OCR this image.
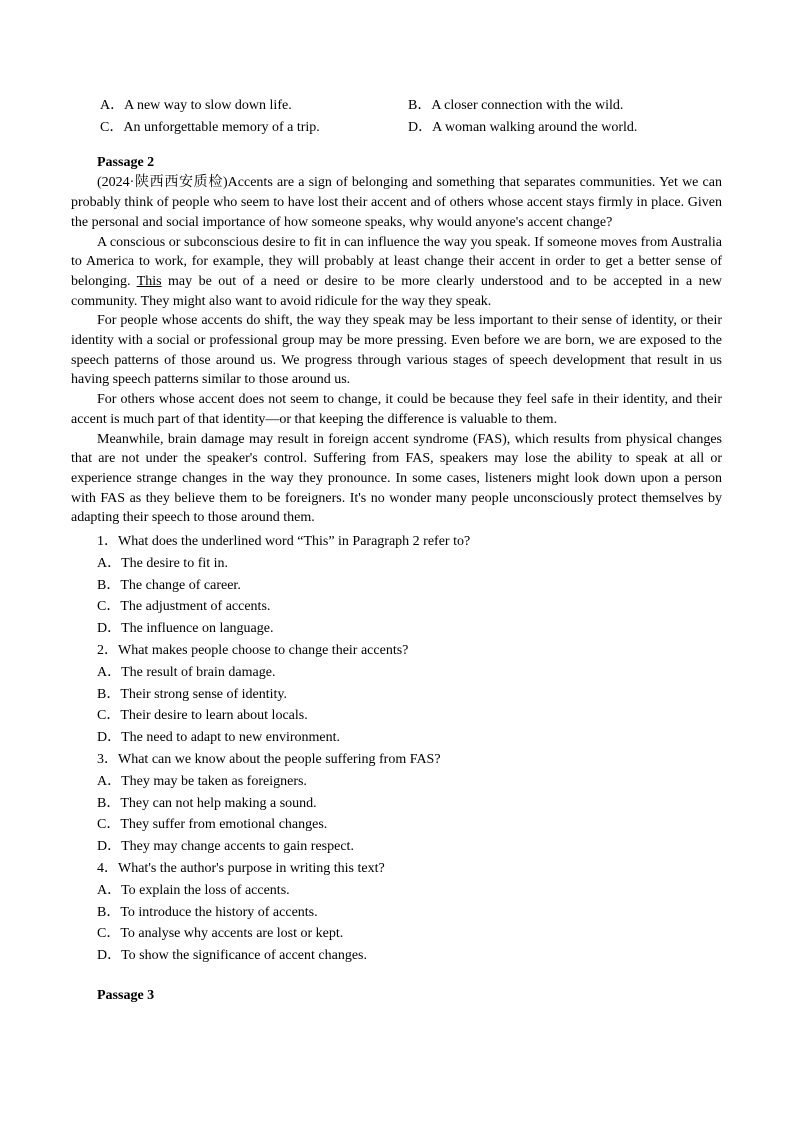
A．A new way to slow down life.	B．A closer connection with the wild.
C．An unforgettable memory of a trip.	D．A woman walking around the world.
Passage 2

(2024·陕西西安质检)Accents are a sign of belonging and something that separates communities. Yet we can probably think of people who seem to have lost their accent and of others whose accent stays firmly in place. Given the personal and social importance of how someone speaks, why would anyone's accent change?

A conscious or subconscious desire to fit in can influence the way you speak. If someone moves from Australia to America to work, for example, they will probably at least change their accent in order to get a better sense of belonging. This may be out of a need or desire to be more clearly understood and to be accepted in a new community. They might also want to avoid ridicule for the way they speak.

For people whose accents do shift, the way they speak may be less important to their sense of identity, or their identity with a social or professional group may be more pressing. Even before we are born, we are exposed to the speech patterns of those around us. We progress through various stages of speech development that result in us having speech patterns similar to those around us.

For others whose accent does not seem to change, it could be because they feel safe in their identity, and their accent is much part of that identity—or that keeping the difference is valuable to them.

Meanwhile, brain damage may result in foreign accent syndrome (FAS), which results from physical changes that are not under the speaker's control. Suffering from FAS, speakers may lose the ability to speak at all or experience strange changes in the way they pronounce. In some cases, listeners might look down upon a person with FAS as they believe them to be foreigners. It's no wonder many people unconsciously protect themselves by adapting their speech to those around them.

1．What does the underlined word “This” in Paragraph 2 refer to?
A．The desire to fit in.
B．The change of career.
C．The adjustment of accents.
D．The influence on language.
2．What makes people choose to change their accents?
A．The result of brain damage.
B．Their strong sense of identity.
C．Their desire to learn about locals.
D．The need to adapt to new environment.
3．What can we know about the people suffering from FAS?
A．They may be taken as foreigners.
B．They can not help making a sound.
C．They suffer from emotional changes.
D．They may change accents to gain respect.
4．What's the author's purpose in writing this text?
A．To explain the loss of accents.
B．To introduce the history of accents.
C．To analyse why accents are lost or kept.
D．To show the significance of accent changes.
Passage 3
